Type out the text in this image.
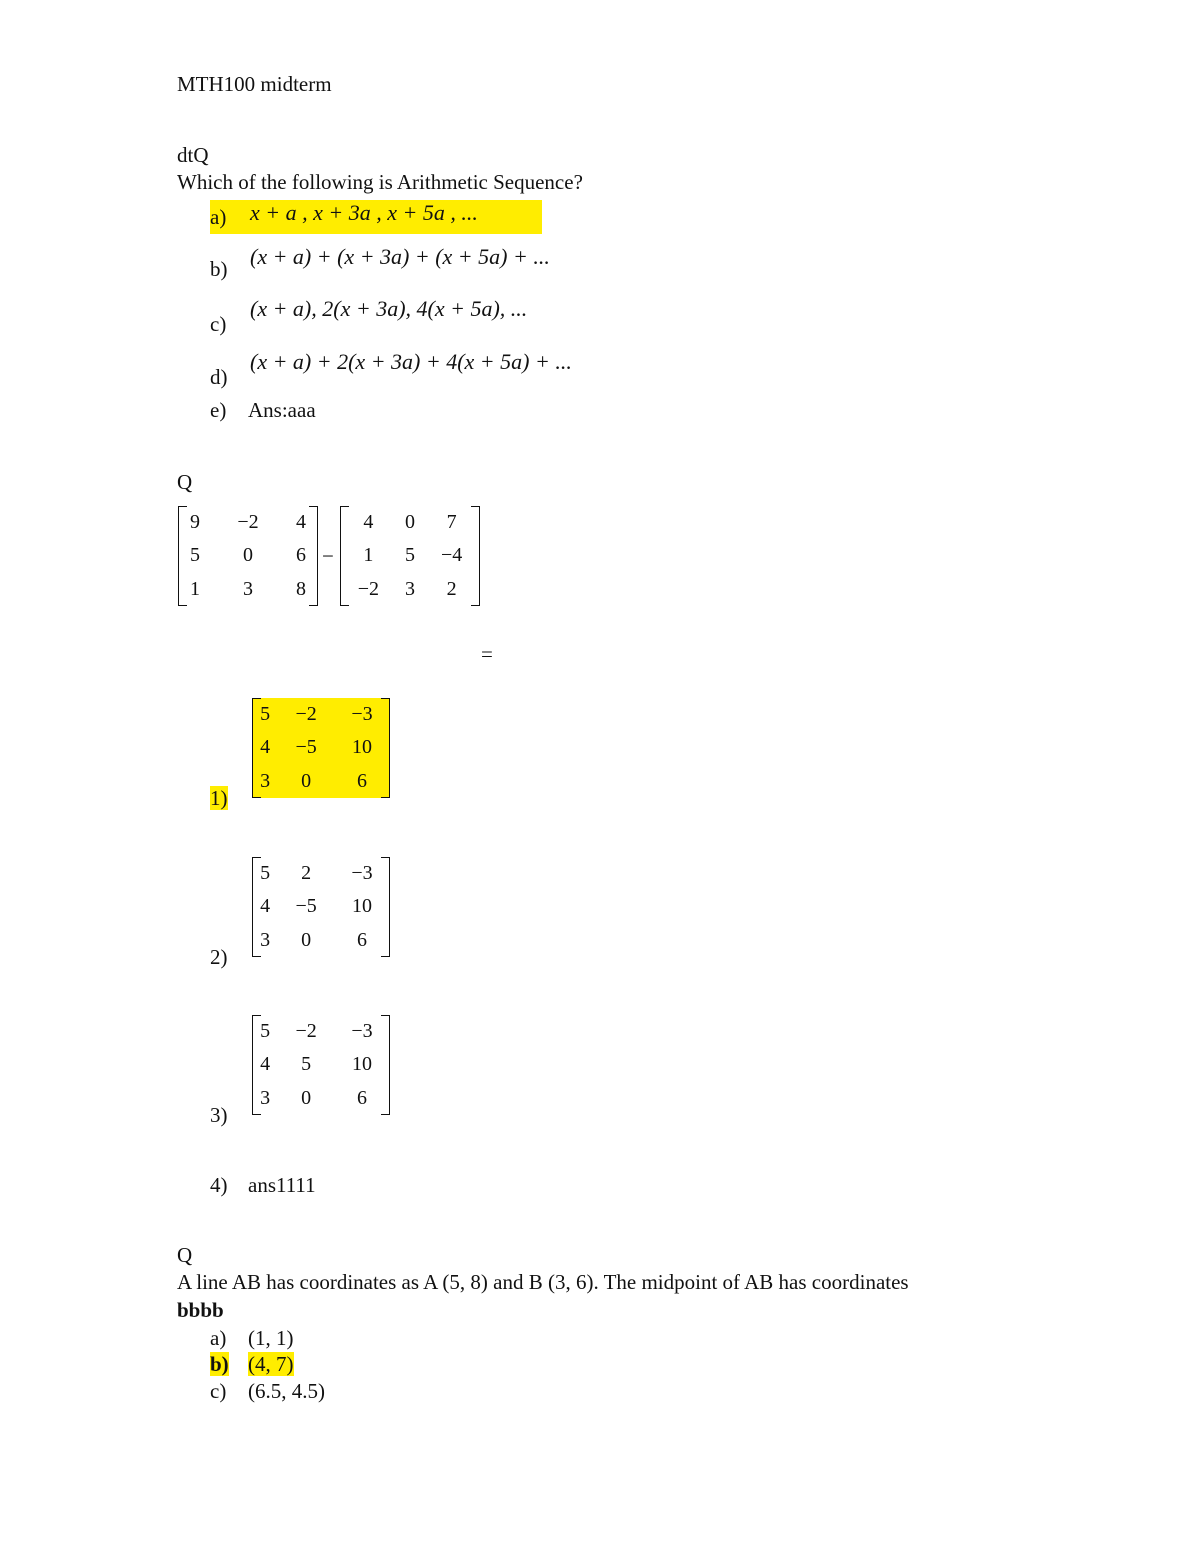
MTH100 midterm
dtQ
Which of the following is Arithmetic Sequence?
a) x + a , x + 3a , x + 5a , ...
b) (x + a) + (x + 3a) + (x + 5a) + ...
c)
(x + a), 2(x + 3a), 4(x + 5a), ...
d)
(x + a) + 2(x + 3a) + 4(x + 5a) + ...
e) Ans:aaa
Q
9	−2	4
5	0	6
1	3	8
−
4	0	7
1	5	−4
−2	3	2
=
5	−2	−3
4	−5	10
3	0	6
1)
5	2	−3
4	−5	10
3	0	6
2)
5	−2	−3
4	5	10
3	0	6
3)
4) ans1111
Q
A line AB has coordinates as A (5, 8) and B (3, 6). The midpoint of AB has coordinates
bbbb
a) (1, 1)
b) (4, 7)
c) (6.5, 4.5)
